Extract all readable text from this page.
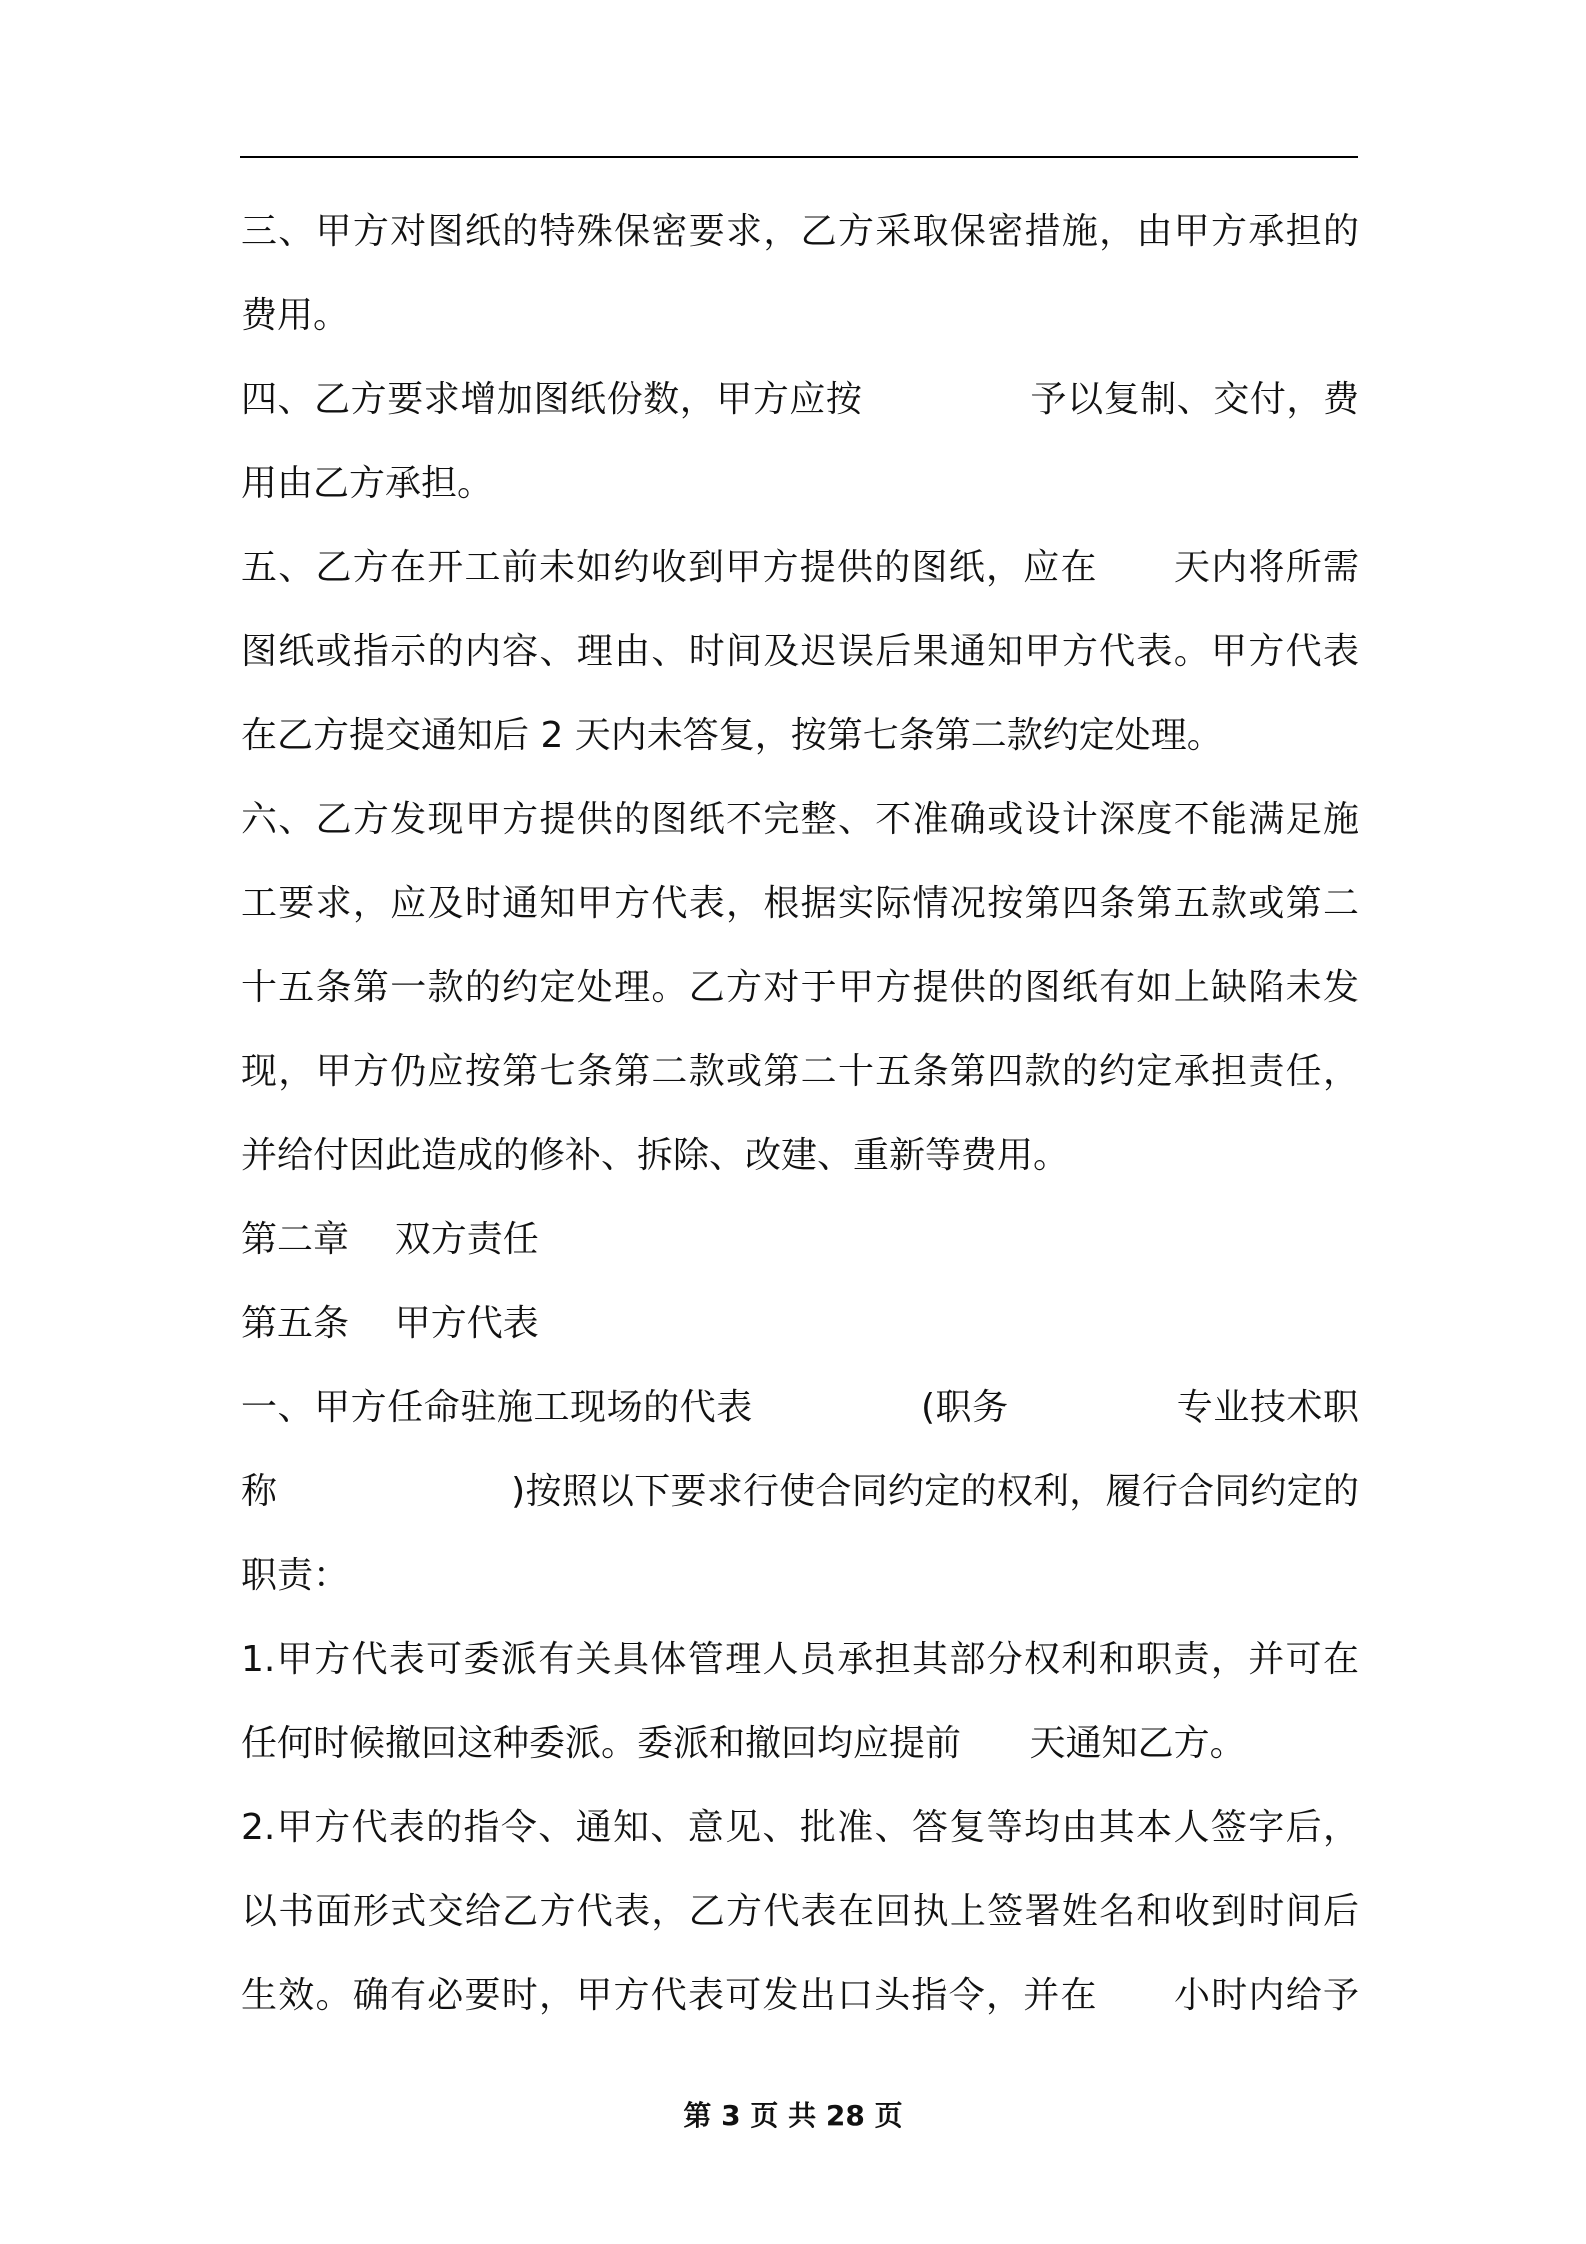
三、甲方对图纸的特殊保密要求，乙方采取保密措施，由甲方承担的
费用。
四、乙方要求增加图纸份数，甲方应按              予以复制、交付，费
用由乙方承担。
五、乙方在开工前未如约收到甲方提供的图纸，应在      天内将所需
图纸或指示的内容、理由、时间及迟误后果通知甲方代表。甲方代表
在乙方提交通知后 2 天内未答复，按第七条第二款约定处理。
六、乙方发现甲方提供的图纸不完整、不准确或设计深度不能满足施
工要求，应及时通知甲方代表，根据实际情况按第四条第五款或第二
十五条第一款的约定处理。乙方对于甲方提供的图纸有如上缺陷未发
现，甲方仍应按第七条第二款或第二十五条第四款的约定承担责任，
并给付因此造成的修补、拆除、改建、重新等费用。
第二章    双方责任
第五条    甲方代表
一、甲方任命驻施工现场的代表              (职务              专业技术职
称                    )按照以下要求行使合同约定的权利，履行合同约定的
职责：
1.甲方代表可委派有关具体管理人员承担其部分权利和职责，并可在
任何时候撤回这种委派。委派和撤回均应提前      天通知乙方。
2.甲方代表的指令、通知、意见、批准、答复等均由其本人签字后，
以书面形式交给乙方代表，乙方代表在回执上签署姓名和收到时间后
生效。确有必要时，甲方代表可发出口头指令，并在      小时内给予
第 3 页 共 28 页
